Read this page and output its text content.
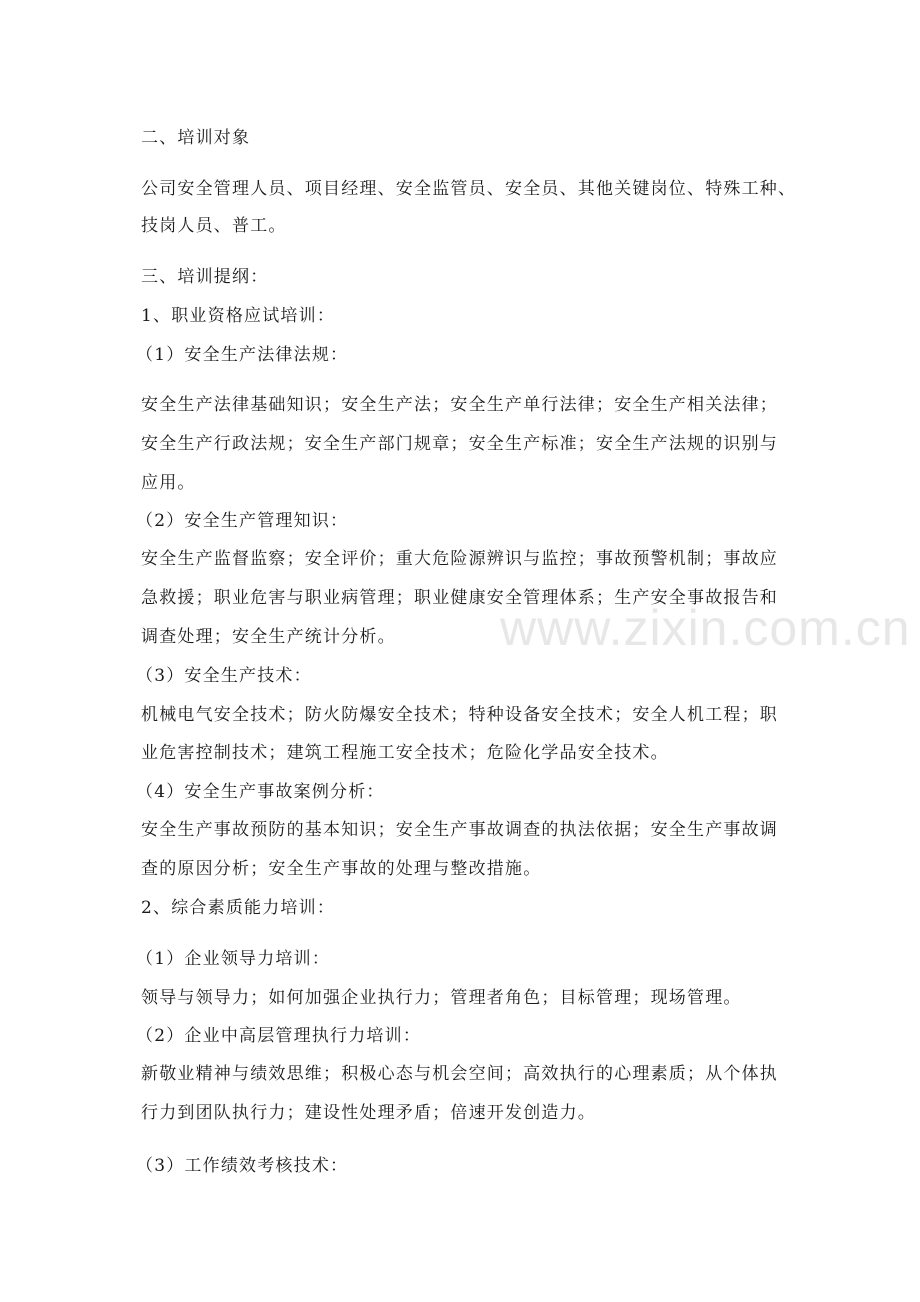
二、培训对象
公司安全管理人员、项目经理、安全监管员、安全员、其他关键岗位、特殊工种、
技岗人员、普工。
三、培训提纲：
1、职业资格应试培训：
（1）安全生产法律法规：
安全生产法律基础知识；安全生产法；安全生产单行法律；安全生产相关法律；
安全生产行政法规；安全生产部门规章；安全生产标准；安全生产法规的识别与
应用。
（2）安全生产管理知识：
安全生产监督监察；安全评价；重大危险源辨识与监控；事故预警机制；事故应
急救援；职业危害与职业病管理；职业健康安全管理体系；生产安全事故报告和
调查处理；安全生产统计分析。
（3）安全生产技术：
机械电气安全技术；防火防爆安全技术；特种设备安全技术；安全人机工程；职
业危害控制技术；建筑工程施工安全技术；危险化学品安全技术。
（4）安全生产事故案例分析：
安全生产事故预防的基本知识；安全生产事故调查的执法依据；安全生产事故调
查的原因分析；安全生产事故的处理与整改措施。
2、综合素质能力培训：
（1）企业领导力培训：
领导与领导力；如何加强企业执行力；管理者角色；目标管理；现场管理。
（2）企业中高层管理执行力培训：
新敬业精神与绩效思维；积极心态与机会空间；高效执行的心理素质；从个体执
行力到团队执行力；建设性处理矛盾；倍速开发创造力。
（3）工作绩效考核技术：
www.zixin.com.cn
